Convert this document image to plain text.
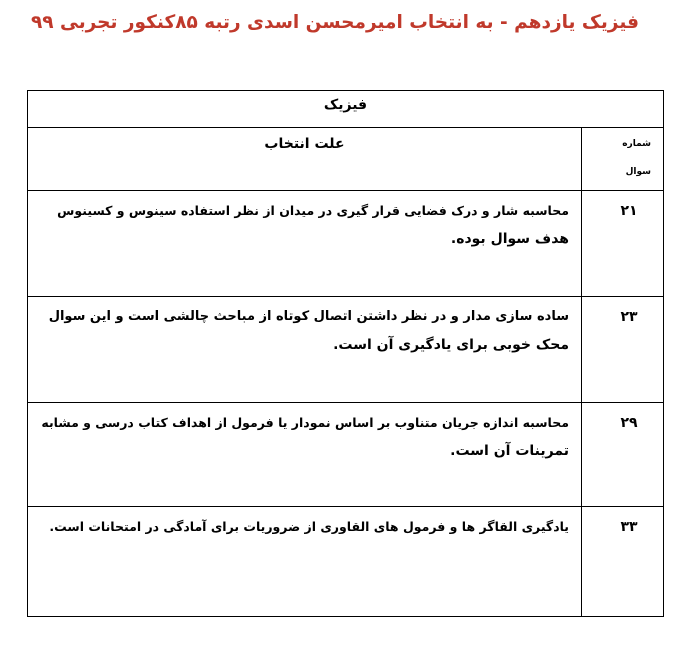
فیزیک یازدهم - به انتخاب امیرمحسن اسدی رتبه ۸۵کنکور تجربی ۹۹
فیزیک	

شماره
سوال	علت انتخاب
۲۱	محاسبه شار و درک فضایی قرار گیری در میدان از نظر استفاده سینوس و کسینوس
هدف سوال بوده.

۲۳	ساده سازی مدار و در نظر داشتن اتصال کوتاه از مباحث چالشی است و این سوال
محک خوبی برای یادگیری آن است.

۲۹	محاسبه اندازه جریان متناوب بر اساس نمودار یا فرمول از اهداف کتاب درسی و مشابه
تمرینات آن است.

۳۳	یادگیری القاگر ها و فرمول های القاوری از ضروریات برای آمادگی در امتحانات است.
